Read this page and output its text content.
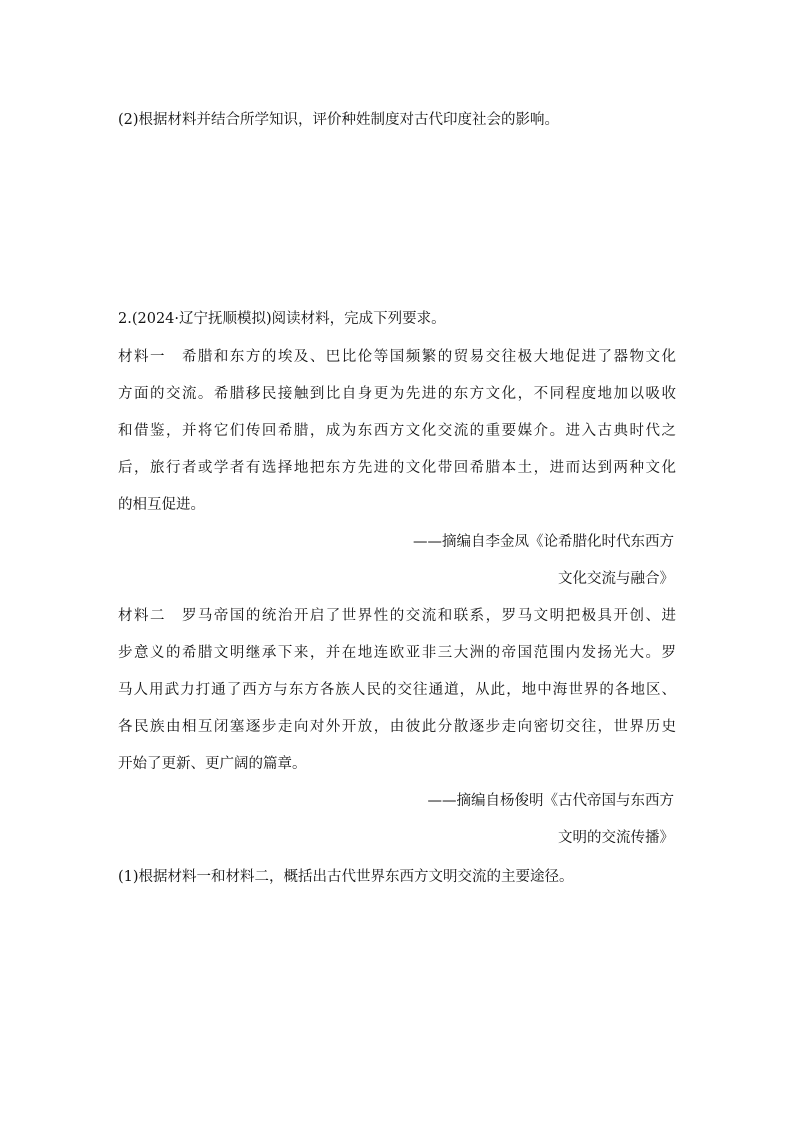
(2)根据材料并结合所学知识，评价种姓制度对古代印度社会的影响。
2.(2024·辽宁抚顺模拟)阅读材料，完成下列要求。
材料一　希腊和东方的埃及、巴比伦等国频繁的贸易交往极大地促进了器物文化
方面的交流。希腊移民接触到比自身更为先进的东方文化，不同程度地加以吸收
和借鉴，并将它们传回希腊，成为东西方文化交流的重要媒介。进入古典时代之
后，旅行者或学者有选择地把东方先进的文化带回希腊本土，进而达到两种文化
的相互促进。
——摘编自李金凤《论希腊化时代东西方
文化交流与融合》
材料二　罗马帝国的统治开启了世界性的交流和联系，罗马文明把极具开创、进
步意义的希腊文明继承下来，并在地连欧亚非三大洲的帝国范围内发扬光大。罗
马人用武力打通了西方与东方各族人民的交往通道，从此，地中海世界的各地区、
各民族由相互闭塞逐步走向对外开放，由彼此分散逐步走向密切交往，世界历史
开始了更新、更广阔的篇章。
——摘编自杨俊明《古代帝国与东西方
文明的交流传播》
(1)根据材料一和材料二，概括出古代世界东西方文明交流的主要途径。
